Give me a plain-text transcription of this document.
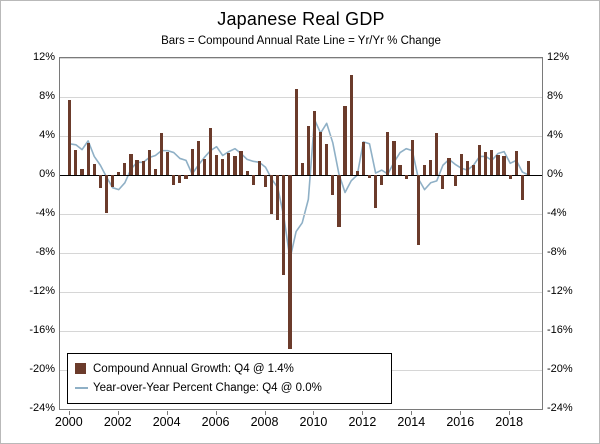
Japanese Real GDP
Bars = Compound Annual Rate Line = Yr/Yr % Change
12%
8%
4%
0%
-4%
-8%
-12%
-16%
-20%
-24%
12%
8%
4%
0%
-4%
-8%
-12%
-16%
-20%
-24%
2000 2002 2004 2006 2008 2010 2012 2014 2016 2018
Compound Annual Growth: Q4 @ 1.4%
Year-over-Year Percent Change: Q4 @ 0.0%
